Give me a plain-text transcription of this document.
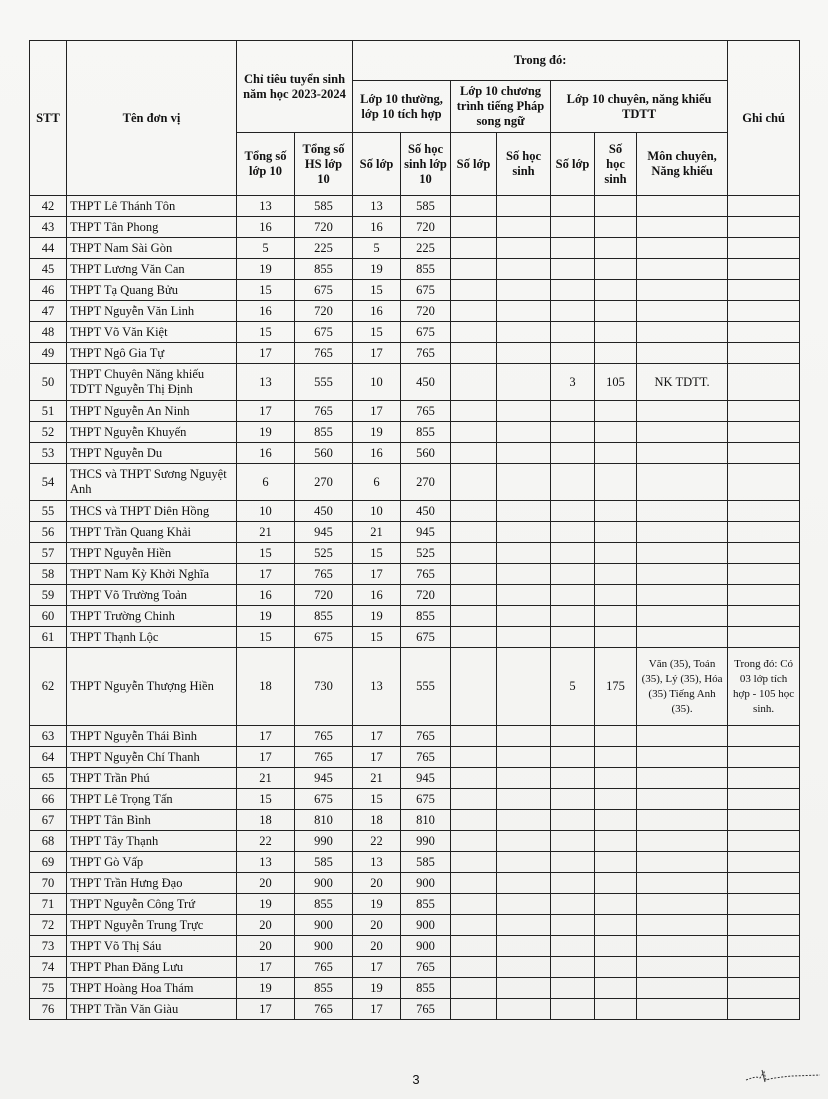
STT	Tên đơn vị	Chỉ tiêu tuyển sinh năm học 2023-2024		Trong đó:							Ghi chú
				Lớp 10 thường, lớp 10 tích hợp		Lớp 10 chương trình tiếng Pháp song ngữ		Lớp 10 chuyên, năng khiếu TDTT			
		Tổng số lớp 10	Tổng số HS lớp 10	Số lớp	Số học sinh lớp 10	Số lớp	Số học sinh	Số lớp	Số học sinh	Môn chuyên, Năng khiếu	
42	THPT Lê Thánh Tôn	13	585	13	585						
43	THPT Tân Phong	16	720	16	720						
44	THPT Nam Sài Gòn	5	225	5	225						
45	THPT Lương Văn Can	19	855	19	855						
46	THPT Tạ Quang Bửu	15	675	15	675						
47	THPT Nguyễn Văn Linh	16	720	16	720						
48	THPT Võ Văn Kiệt	15	675	15	675						
49	THPT Ngô Gia Tự	17	765	17	765						
50	THPT Chuyên Năng khiếu TDTT Nguyễn Thị Định	13	555	10	450			3	105	NK TDTT.	
51	THPT Nguyễn An Ninh	17	765	17	765						
52	THPT Nguyễn Khuyến	19	855	19	855						
53	THPT Nguyễn Du	16	560	16	560						
54	THCS và THPT Sương Nguyệt Anh	6	270	6	270						
55	THCS và THPT Diên Hồng	10	450	10	450						
56	THPT Trần Quang Khải	21	945	21	945						
57	THPT Nguyễn Hiền	15	525	15	525						
58	THPT Nam Kỳ Khởi Nghĩa	17	765	17	765						
59	THPT Võ Trường Toản	16	720	16	720						
60	THPT Trường Chinh	19	855	19	855						
61	THPT Thạnh Lộc	15	675	15	675						
62	THPT Nguyễn Thượng Hiền	18	730	13	555			5	175	Văn (35), Toán (35), Lý (35), Hóa (35) Tiếng Anh (35).	Trong đó: Có 03 lớp tích hợp - 105 học sinh.
63	THPT Nguyễn Thái Bình	17	765	17	765						
64	THPT Nguyễn Chí Thanh	17	765	17	765						
65	THPT Trần Phú	21	945	21	945						
66	THPT Lê Trọng Tấn	15	675	15	675						
67	THPT Tân Bình	18	810	18	810						
68	THPT Tây Thạnh	22	990	22	990						
69	THPT Gò Vấp	13	585	13	585						
70	THPT Trần Hưng Đạo	20	900	20	900						
71	THPT Nguyễn Công Trứ	19	855	19	855						
72	THPT Nguyễn Trung Trực	20	900	20	900						
73	THPT Võ Thị Sáu	20	900	20	900						
74	THPT Phan Đăng Lưu	17	765	17	765						
75	THPT Hoàng Hoa Thám	19	855	19	855						
76	THPT Trần Văn Giàu	17	765	17	765						
3
